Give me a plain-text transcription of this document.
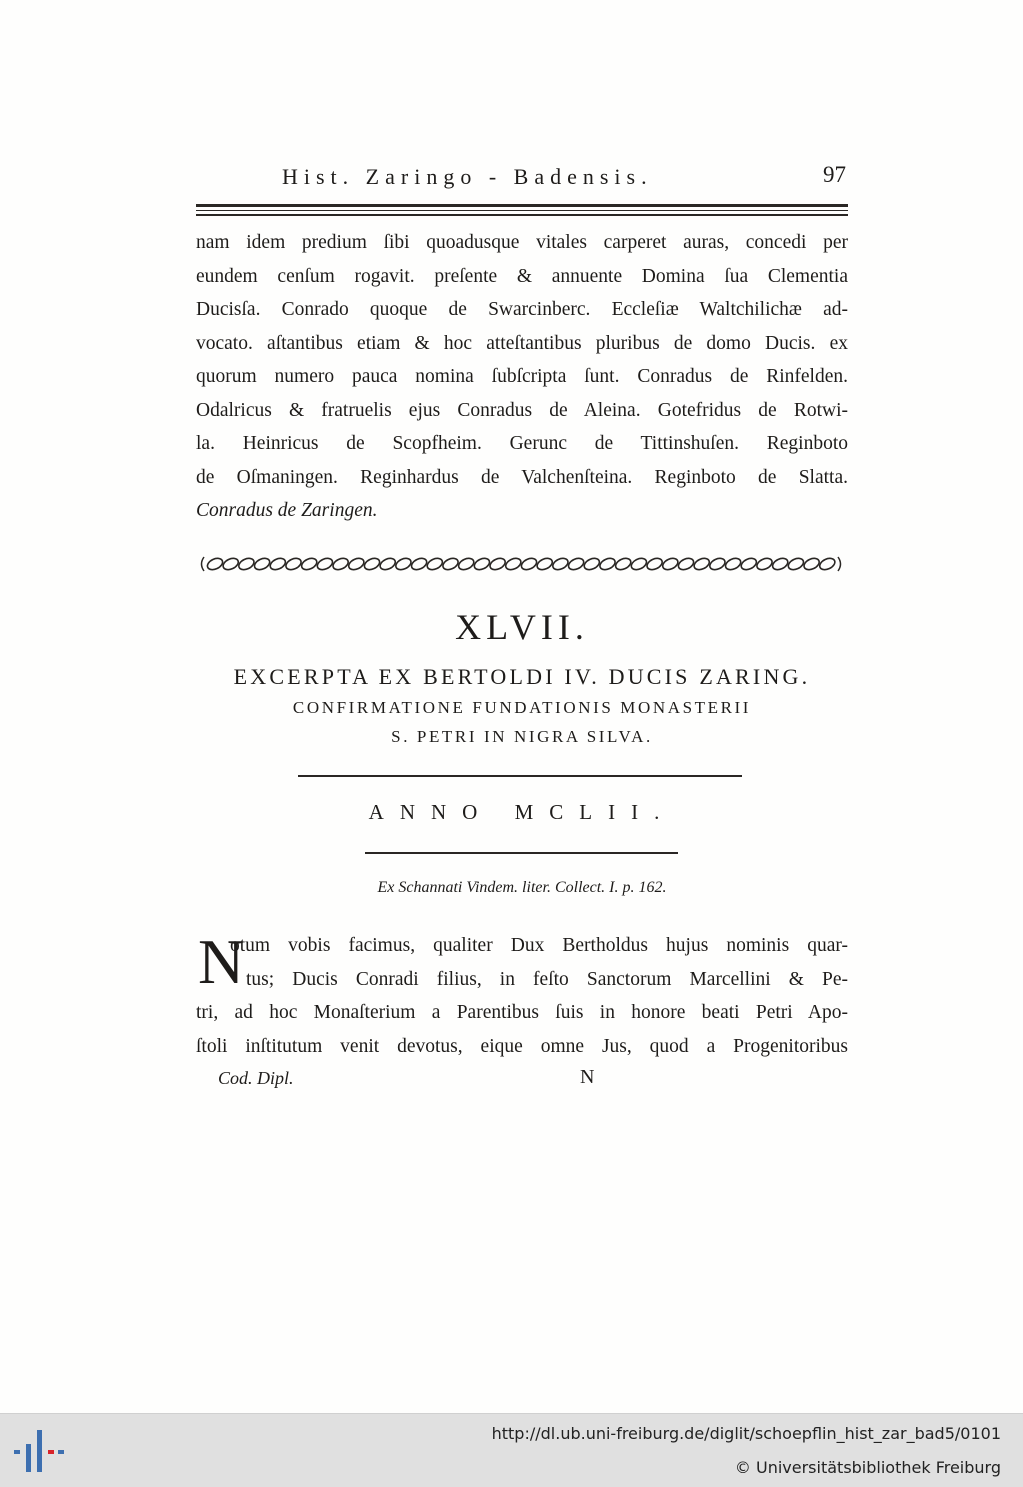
Hist. Zaringo - Badensis.	97
nam idem predium ſibi quoadusque vitales carperet auras, concedi per
eundem cenſum rogavit. preſente & annuente Domina ſua Clementia
Ducisſa. Conrado quoque de Swarcinberc. Eccleſiæ Waltchilichæ ad-
vocato. aſtantibus etiam & hoc atteſtantibus pluribus de domo Ducis. ex
quorum numero pauca nomina ſubſcripta ſunt. Conradus de Rinfelden.
Odalricus & fratruelis ejus Conradus de Aleina. Gotefridus de Rotwi-
la. Heinricus de Scopfheim. Gerunc de Tittinshuſen. Reginboto
de Oſmaningen. Reginhardus de Valchenſteina. Reginboto de Slatta.
Conradus de Zaringen.
XLVII.
EXCERPTA EX BERTOLDI IV. DUCIS ZARING.
CONFIRMATIONE FUNDATIONIS MONASTERII
S. PETRI IN NIGRA SILVA.
ANNO MCLII.
Ex Schannati Vindem. liter. Collect. I. p. 162.
N
otum vobis facimus, qualiter Dux Bertholdus hujus nominis quar-
tus; Ducis Conradi filius, in feſto Sanctorum Marcellini & Pe-
tri, ad hoc Monaſterium a Parentibus ſuis in honore beati Petri Apo-
ſtoli inſtitutum venit devotus, eique omne Jus, quod a Progenitoribus
Cod. Dipl.	N
http://dl.ub.uni-freiburg.de/diglit/schoepflin_hist_zar_bad5/0101
© Universitätsbibliothek Freiburg
